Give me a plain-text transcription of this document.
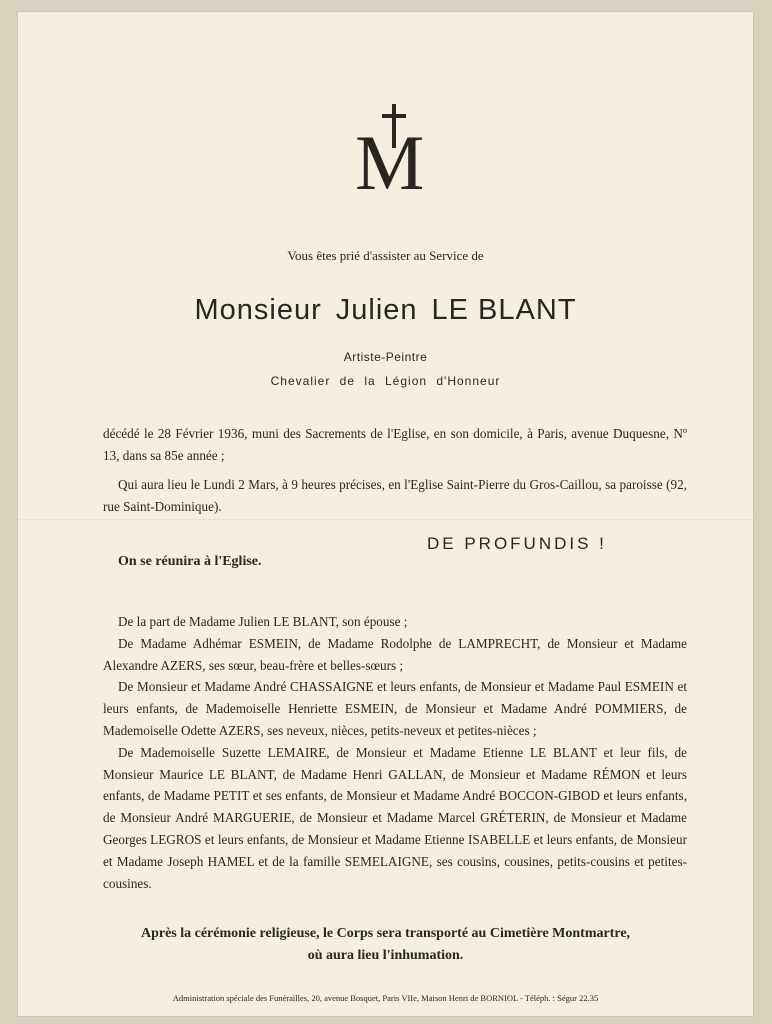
M
Vous êtes prié d'assister au Service de
Monsieur Julien LE BLANT
Artiste-Peintre
Chevalier de la Légion d'Honneur
décédé le 28 Février 1936, muni des Sacrements de l'Eglise, en son domicile, à Paris, avenue Duquesne, Nº 13, dans sa 85e année ;
Qui aura lieu le Lundi 2 Mars, à 9 heures précises, en l'Eglise Saint-Pierre du Gros-Caillou, sa paroisse (92, rue Saint-Dominique).
DE PROFUNDIS !
On se réunira à l'Eglise.

De la part de Madame Julien LE BLANT, son épouse ;

De Madame Adhémar ESMEIN, de Madame Rodolphe de LAMPRECHT, de Monsieur et Madame Alexandre AZERS, ses sœur, beau-frère et belles-sœurs ;

De Monsieur et Madame André CHASSAIGNE et leurs enfants, de Monsieur et Madame Paul ESMEIN et leurs enfants, de Mademoiselle Henriette ESMEIN, de Monsieur et Madame André POMMIERS, de Mademoiselle Odette AZERS, ses neveux, nièces, petits-neveux et petites-nièces ;

De Mademoiselle Suzette LEMAIRE, de Monsieur et Madame Etienne LE BLANT et leur fils, de Monsieur Maurice LE BLANT, de Madame Henri GALLAN, de Monsieur et Madame RÉMON et leurs enfants, de Madame PETIT et ses enfants, de Monsieur et Madame André BOCCON-GIBOD et leurs enfants, de Monsieur André MARGUERIE, de Monsieur et Madame Marcel GRÉTERIN, de Monsieur et Madame Georges LEGROS et leurs enfants, de Monsieur et Madame Etienne ISABELLE et leurs enfants, de Monsieur et Madame Joseph HAMEL et de la famille SEMELAIGNE, ses cousins, cousines, petits-cousins et petites-cousines.

Après la cérémonie religieuse, le Corps sera transporté au Cimetière Montmartre,
où aura lieu l'inhumation.
Administration spéciale des Funérailles, 20, avenue Bosquet, Paris VIIe, Maison Henri de BORNIOL - Téléph. : Ségur 22.35
